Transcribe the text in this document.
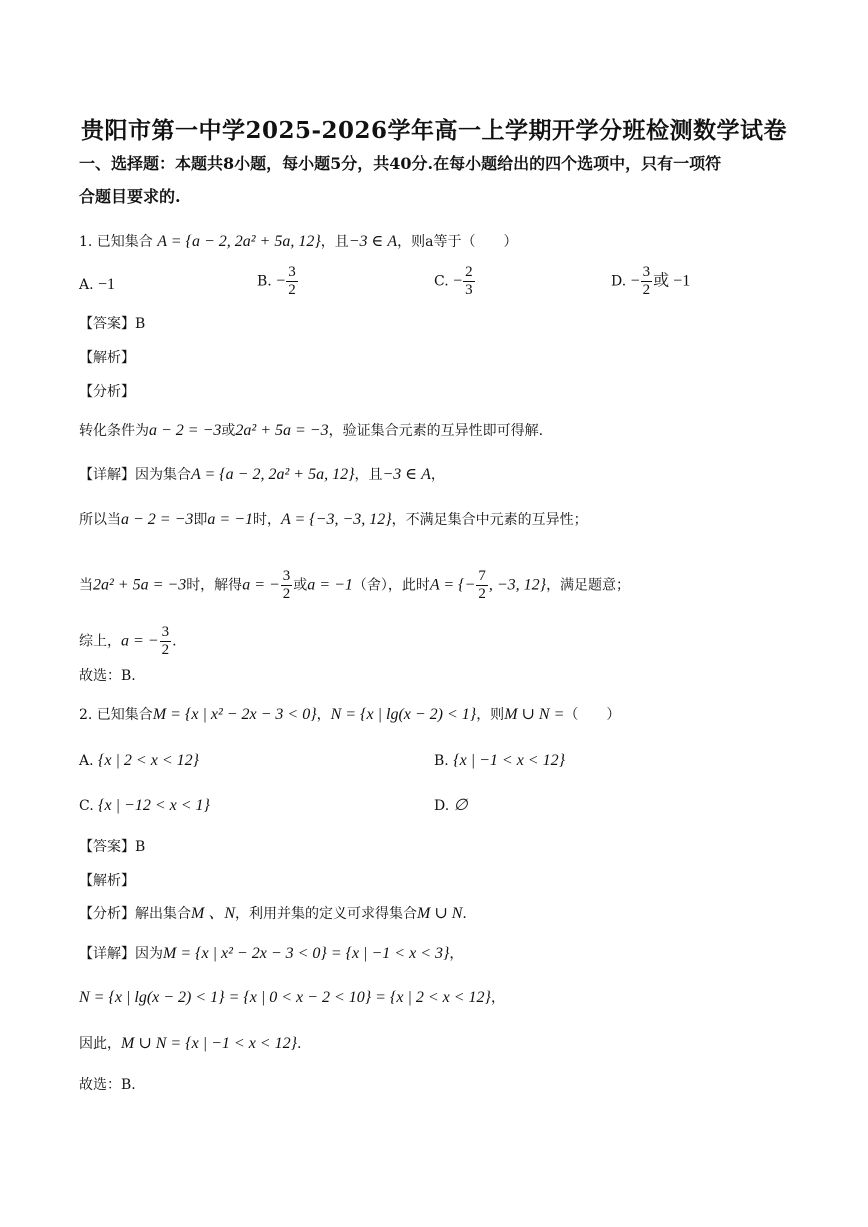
贵阳市第一中学2025-2026学年高一上学期开学分班检测数学试卷
一、选择题：本题共8小题，每小题5分，共40分.在每小题给出的四个选项中，只有一项符
合题目要求的.
1. 已知集合 A = {a − 2, 2a² + 5a, 12}，且−3 ∈ A，则a等于（　　）
A. −1	B. − $\frac{3}{2}$	C. − $\frac{2}{3}$	D. − $\frac{3}{2}$ 或 −1
【答案】B
【解析】
【分析】
转化条件为a − 2 = −3或2a² + 5a = −3，验证集合元素的互异性即可得解.
【详解】因为集合A = {a − 2, 2a² + 5a, 12}，且−3 ∈ A，
所以当a − 2 = −3即a = −1时，A = {−3, −3, 12}，不满足集合中元素的互异性；
当2a² + 5a = −3时，解得a = − $\frac{3}{2}$ 或a = −1（舍），此时A = {− $\frac{7}{2}$ , −3, 12}，满足题意；
综上，a = − $\frac{3}{2}$ .
故选：B.
2. 已知集合M = {x | x² − 2x − 3 < 0}，N = {x | lg(x − 2) < 1}，则M ∪ N =（　　）
A. {x | 2 < x < 12}	B. {x | −1 < x < 12}
C. {x | −12 < x < 1}	D. ∅
【答案】B
【解析】
【分析】解出集合M 、N，利用并集的定义可求得集合M ∪ N.
【详解】因为M = {x | x² − 2x − 3 < 0} = {x | −1 < x < 3}，
N = {x | lg(x − 2) < 1} = {x | 0 < x − 2 < 10} = {x | 2 < x < 12}，
因此，M ∪ N = {x | −1 < x < 12}.
故选：B.
